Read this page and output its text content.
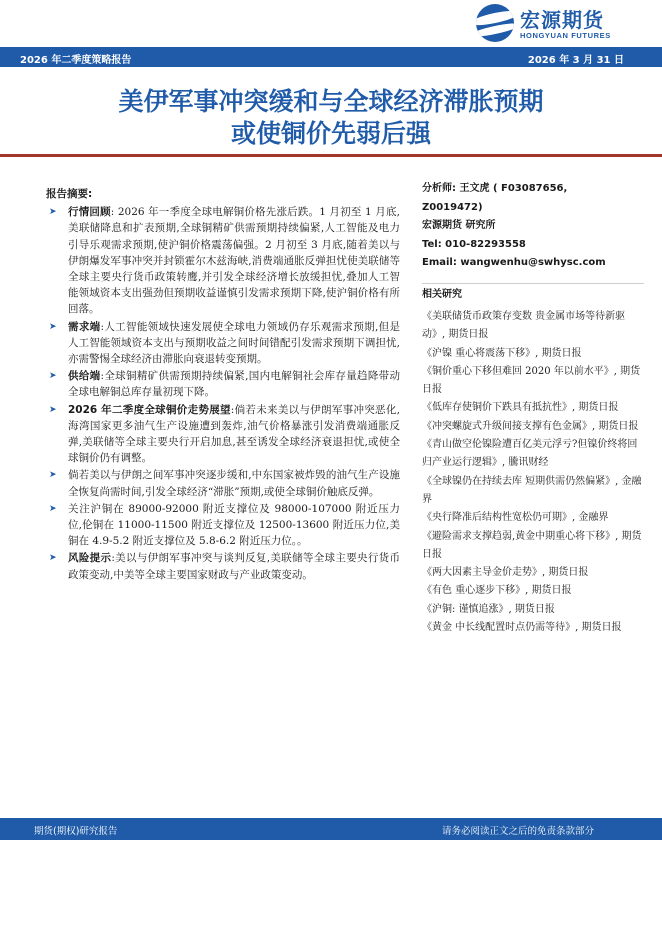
宏源期货
HONGYUAN FUTURES
2026 年二季度策略报告	2026 年 3 月 31 日
美伊军事冲突缓和与全球经济滞胀预期
或使铜价先弱后强
报告摘要:
➤ 行情回顾: 2026 年一季度全球电解铜价格先涨后跌。1 月初至 1 月底,美联储降息和扩表预期,全球铜精矿供需预期持续偏紧,人工智能及电力引导乐观需求预期,使沪铜价格震荡偏强。2 月初至 3 月底,随着美以与伊朗爆发军事冲突并封锁霍尔木兹海峡,消费端通胀反弹担忧使美联储等全球主要央行货币政策转鹰,并引发全球经济增长放缓担忧,叠加人工智能领域资本支出强劲但预期收益谨慎引发需求预期下降,使沪铜价格有所回落。
➤ 需求端:人工智能领域快速发展使全球电力领域仍存乐观需求预期,但是人工智能领域资本支出与预期收益之间时间错配引发需求预期下调担忧,亦需警惕全球经济由滞胀向衰退转变预期。
➤ 供给端:全球铜精矿供需预期持续偏紧,国内电解铜社会库存量趋降带动全球电解铜总库存量初现下降。
➤ 2026 年二季度全球铜价走势展望:倘若未来美以与伊朗军事冲突恶化,海湾国家更多油气生产设施遭到轰炸,油气价格暴涨引发消费端通胀反弹,美联储等全球主要央行开启加息,甚至诱发全球经济衰退担忧,或使全球铜价仍有调整。
➤ 倘若美以与伊朗之间军事冲突逐步缓和,中东国家被炸毁的油气生产设施全恢复尚需时间,引发全球经济“滞胀”预期,或使全球铜价触底反弹。
➤ 关注沪铜在 89000-92000 附近支撑位及 98000-107000 附近压力位,伦铜在 11000-11500 附近支撑位及 12500-13600 附近压力位,美铜在 4.9-5.2 附近支撑位及 5.8-6.2 附近压力位。。
➤ 风险提示:美以与伊朗军事冲突与谈判反复,美联储等全球主要央行货币政策变动,中美等全球主要国家财政与产业政策变动。
分析师: 王文虎 ( F03087656,
Z0019472)
宏源期货 研究所
Tel: 010-82293558
Email: wangwenhu@swhysc.com
相关研究
《美联储货币政策存变数 贵金属市场等待新驱动》, 期货日报
《沪镍 重心将震荡下移》, 期货日报
《铜价重心下移但难回 2020 年以前水平》, 期货日报
《低库存使铜价下跌具有抵抗性》, 期货日报
《冲突螺旋式升级间接支撑有色金属》, 期货日报
《青山做空伦镍险遭百亿美元浮亏?但镍价终将回归产业运行逻辑》, 騰讯财经
《全球镍仍在持续去库 短期供需仍然偏紧》, 金融界
《央行降准后结构性宽松仍可期》, 金融界
《避险需求支撑趋弱,黄金中期重心将下移》, 期货日报
《两大因素主导金价走势》, 期货日报
《有色 重心逐步下移》, 期货日报
《沪铜: 谨慎追涨》, 期货日报
《黄金 中长线配置时点仍需等待》, 期货日报
期货(期权)研究报告	请务必阅读正文之后的免责条款部分
